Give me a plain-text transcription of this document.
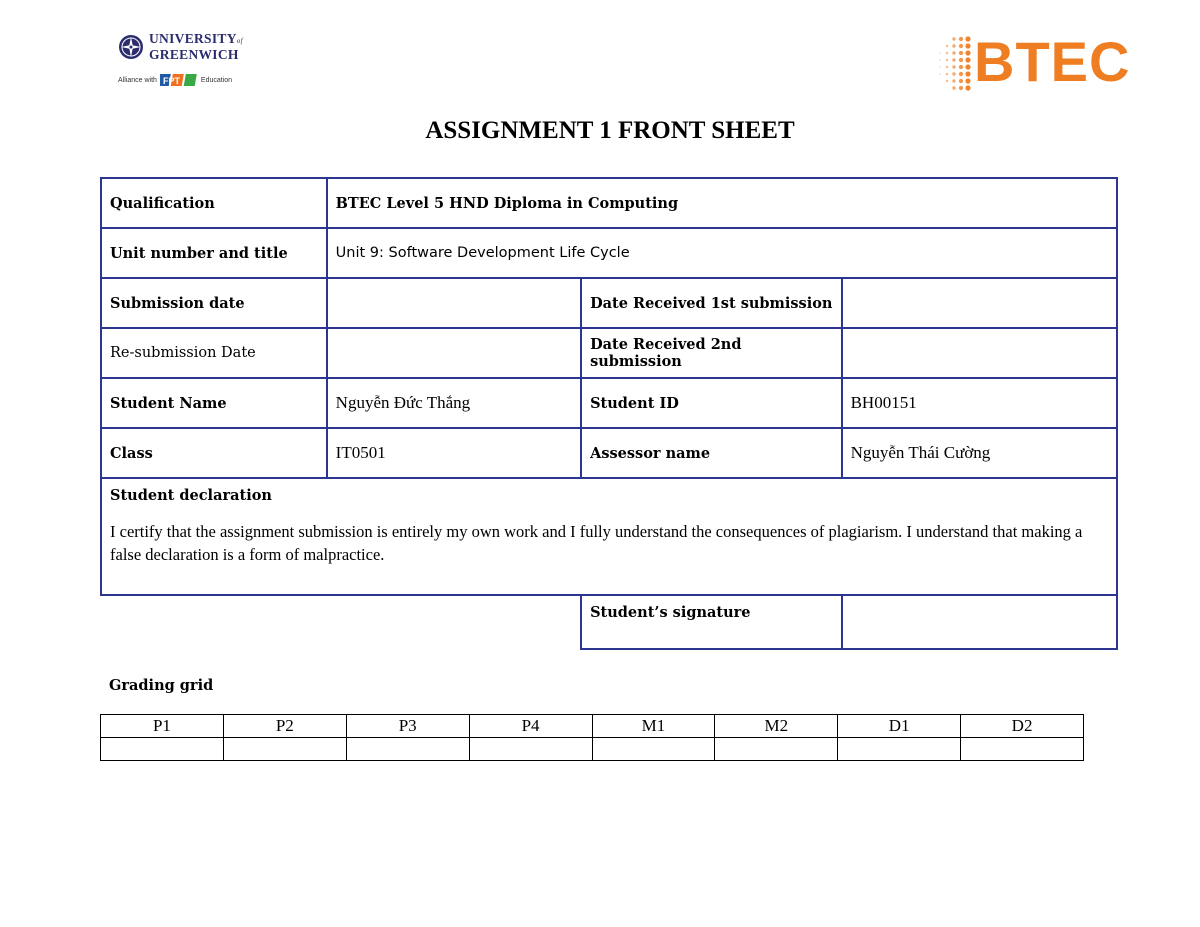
UNIVERSITYof
GREENWICH
Alliance with FPT	Education	BTEC
ASSIGNMENT 1 FRONT SHEET
Qualification	BTEC Level 5 HND Diploma in Computing		
Unit number and title	Unit 9: Software Development Life Cycle		
Submission date		Date Received 1st submission	
Re-submission Date		Date Received 2nd submission	
Student Name	Nguyễn Đức Thắng	Student ID	BH00151
Class	IT0501	Assessor name	Nguyễn Thái Cường

Student declaration
I certify that the assignment submission is entirely my own work and I fully understand the consequences of plagiarism. I understand that making a false declaration is a form of malpractice.			

		Student’s signature	
Grading grid
P1	P2	P3	P4	M1	M2	D1	D2
